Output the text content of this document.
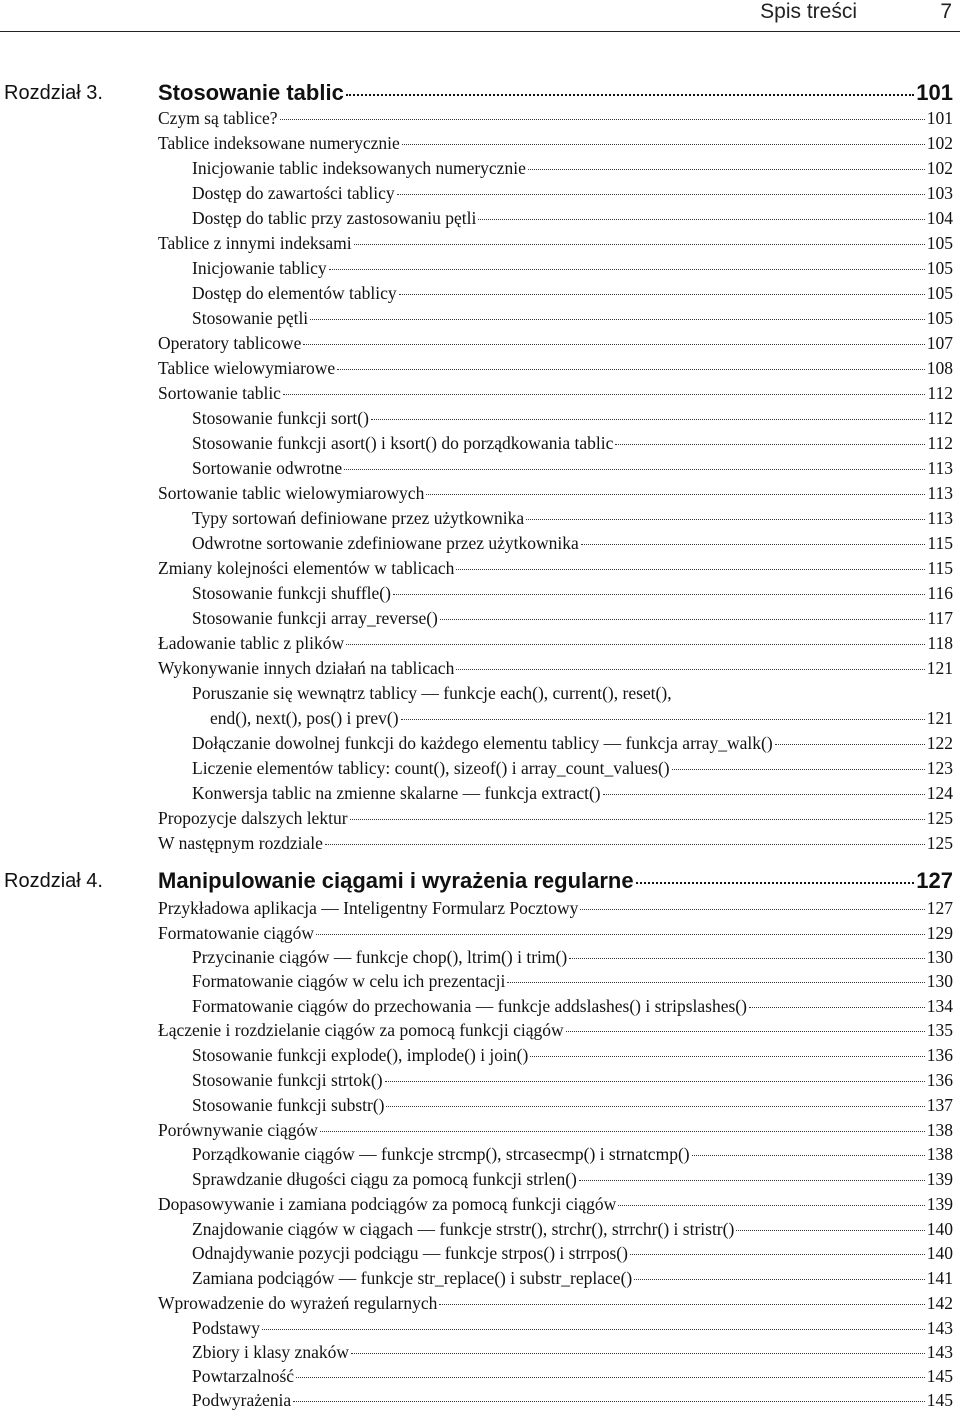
Spis treści	7
Rozdział 3.	Stosowanie tablic	101
Czym są tablice?	101
Tablice indeksowane numerycznie	102
Inicjowanie tablic indeksowanych numerycznie	102
Dostęp do zawartości tablicy	103
Dostęp do tablic przy zastosowaniu pętli	104
Tablice z innymi indeksami	105
Inicjowanie tablicy	105
Dostęp do elementów tablicy	105
Stosowanie pętli	105
Operatory tablicowe	107
Tablice wielowymiarowe	108
Sortowanie tablic	112
Stosowanie funkcji sort()	112
Stosowanie funkcji asort() i ksort() do porządkowania tablic	112
Sortowanie odwrotne	113
Sortowanie tablic wielowymiarowych	113
Typy sortowań definiowane przez użytkownika	113
Odwrotne sortowanie zdefiniowane przez użytkownika	115
Zmiany kolejności elementów w tablicach	115
Stosowanie funkcji shuffle()	116
Stosowanie funkcji array_reverse()	117
Ładowanie tablic z plików	118
Wykonywanie innych działań na tablicach	121
Poruszanie się wewnątrz tablicy — funkcje each(), current(), reset(),
end(), next(), pos() i prev()	121
Dołączanie dowolnej funkcji do każdego elementu tablicy — funkcja array_walk()	122
Liczenie elementów tablicy: count(), sizeof() i array_count_values()	123
Konwersja tablic na zmienne skalarne — funkcja extract()	124
Propozycje dalszych lektur	125
W następnym rozdziale	125
Rozdział 4.	Manipulowanie ciągami i wyrażenia regularne	127
Przykładowa aplikacja — Inteligentny Formularz Pocztowy	127
Formatowanie ciągów	129
Przycinanie ciągów — funkcje chop(), ltrim() i trim()	130
Formatowanie ciągów w celu ich prezentacji	130
Formatowanie ciągów do przechowania — funkcje addslashes() i stripslashes()	134
Łączenie i rozdzielanie ciągów za pomocą funkcji ciągów	135
Stosowanie funkcji explode(), implode() i join()	136
Stosowanie funkcji strtok()	136
Stosowanie funkcji substr()	137
Porównywanie ciągów	138
Porządkowanie ciągów — funkcje strcmp(), strcasecmp() i strnatcmp()	138
Sprawdzanie długości ciągu za pomocą funkcji strlen()	139
Dopasowywanie i zamiana podciągów za pomocą funkcji ciągów	139
Znajdowanie ciągów w ciągach — funkcje strstr(), strchr(), strrchr() i stristr()	140
Odnajdywanie pozycji podciągu — funkcje strpos() i strrpos()	140
Zamiana podciągów — funkcje str_replace() i substr_replace()	141
Wprowadzenie do wyrażeń regularnych	142
Podstawy	143
Zbiory i klasy znaków	143
Powtarzalność	145
Podwyrażenia	145
